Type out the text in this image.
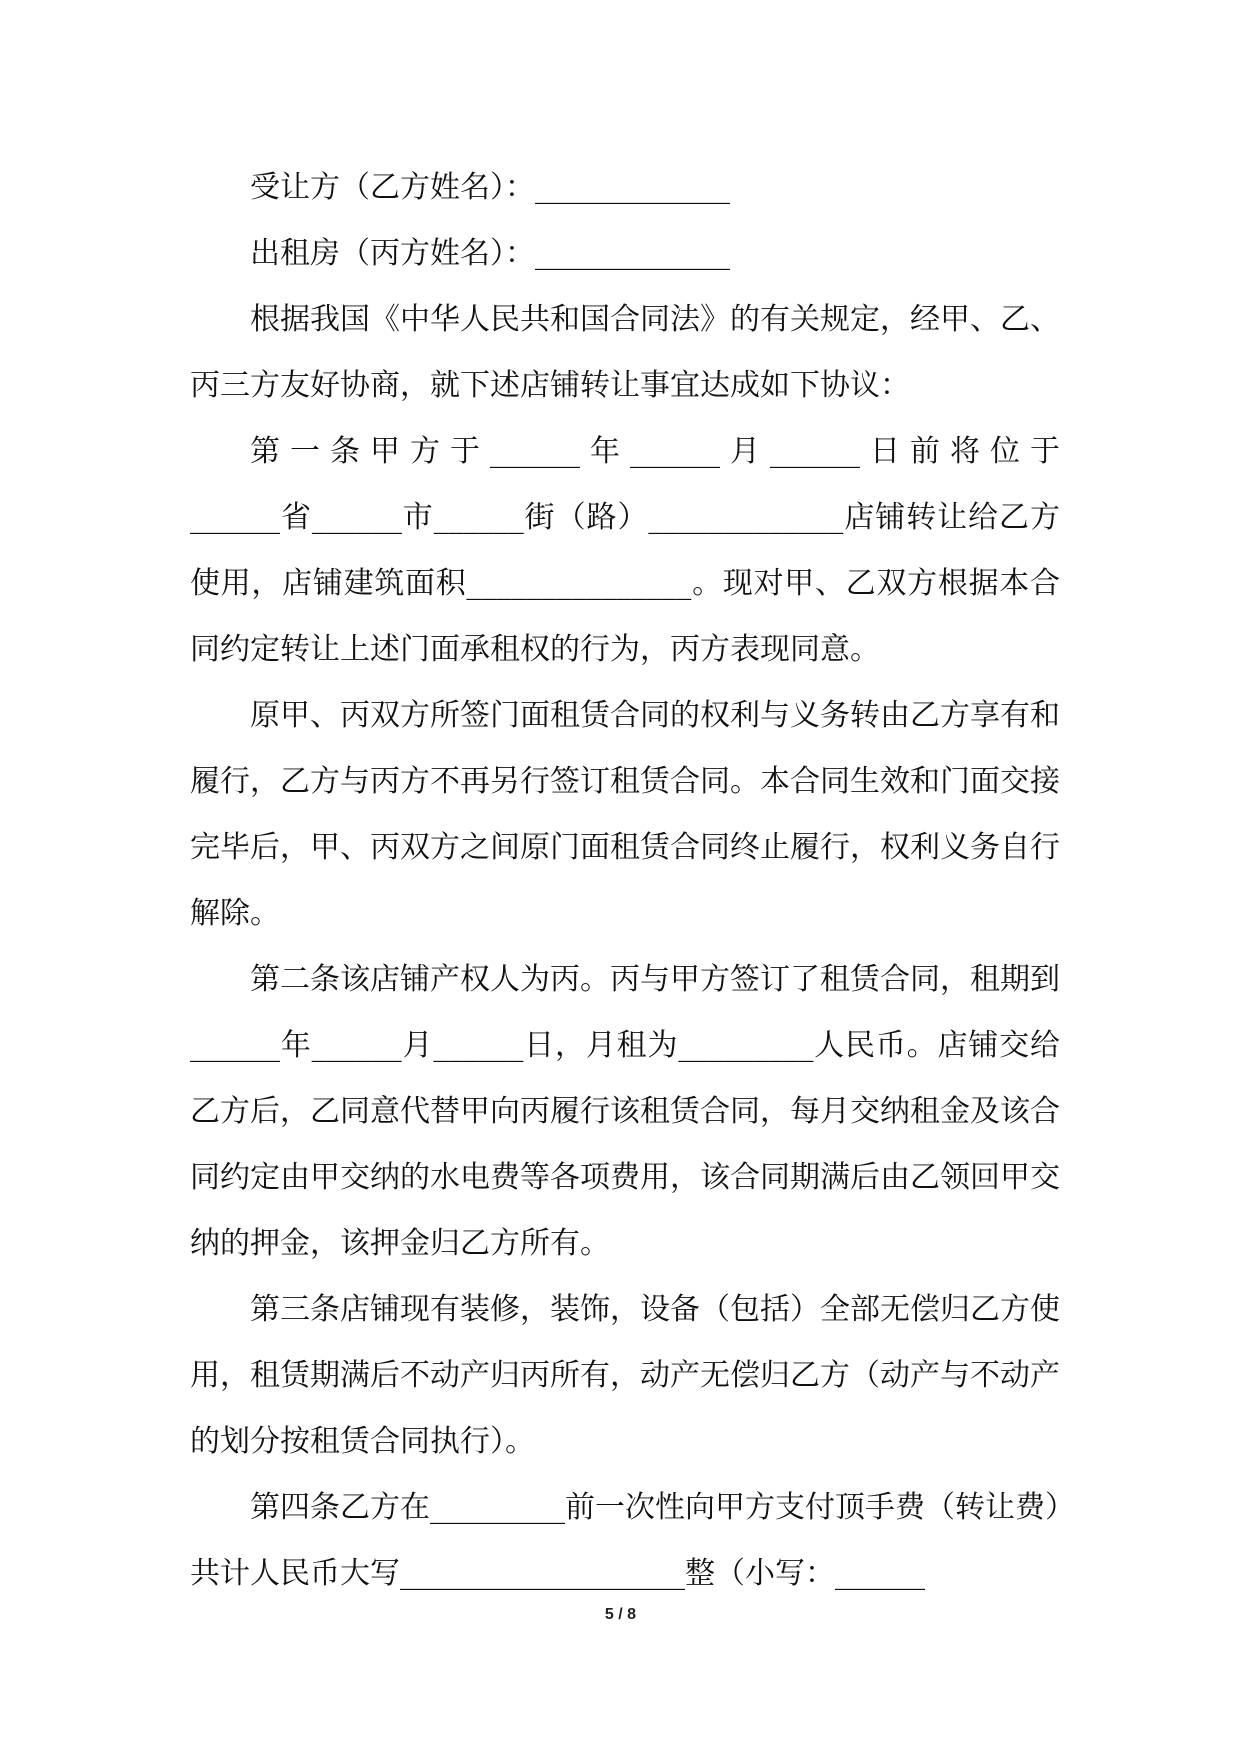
受让方（乙方姓名）：_____________

出租房（丙方姓名）：_____________

根据我国《中华人民共和国合同法》的有关规定，经甲、乙、丙三方友好协商，就下述店铺转让事宜达成如下协议：

第一条甲方于______年______月______日前将位于

______省______市______街（路）_____________店铺转让给乙方使用，店铺建筑面积_______________。现对甲、乙双方根据本合同约定转让上述门面承租权的行为，丙方表现同意。

原甲、丙双方所签门面租赁合同的权利与义务转由乙方享有和履行，乙方与丙方不再另行签订租赁合同。本合同生效和门面交接完毕后，甲、丙双方之间原门面租赁合同终止履行，权利义务自行解除。

第二条该店铺产权人为丙。丙与甲方签订了租赁合同，租期到______年______月______日，月租为_________人民币。店铺交给乙方后，乙同意代替甲向丙履行该租赁合同，每月交纳租金及该合同约定由甲交纳的水电费等各项费用，该合同期满后由乙领回甲交纳的押金，该押金归乙方所有。

第三条店铺现有装修，装饰，设备（包括）全部无偿归乙方使用，租赁期满后不动产归丙所有，动产无偿归乙方（动产与不动产的划分按租赁合同执行）。

第四条乙方在_________前一次性向甲方支付顶手费（转让费）共计人民币大写___________________整（小写：______

5 / 8
